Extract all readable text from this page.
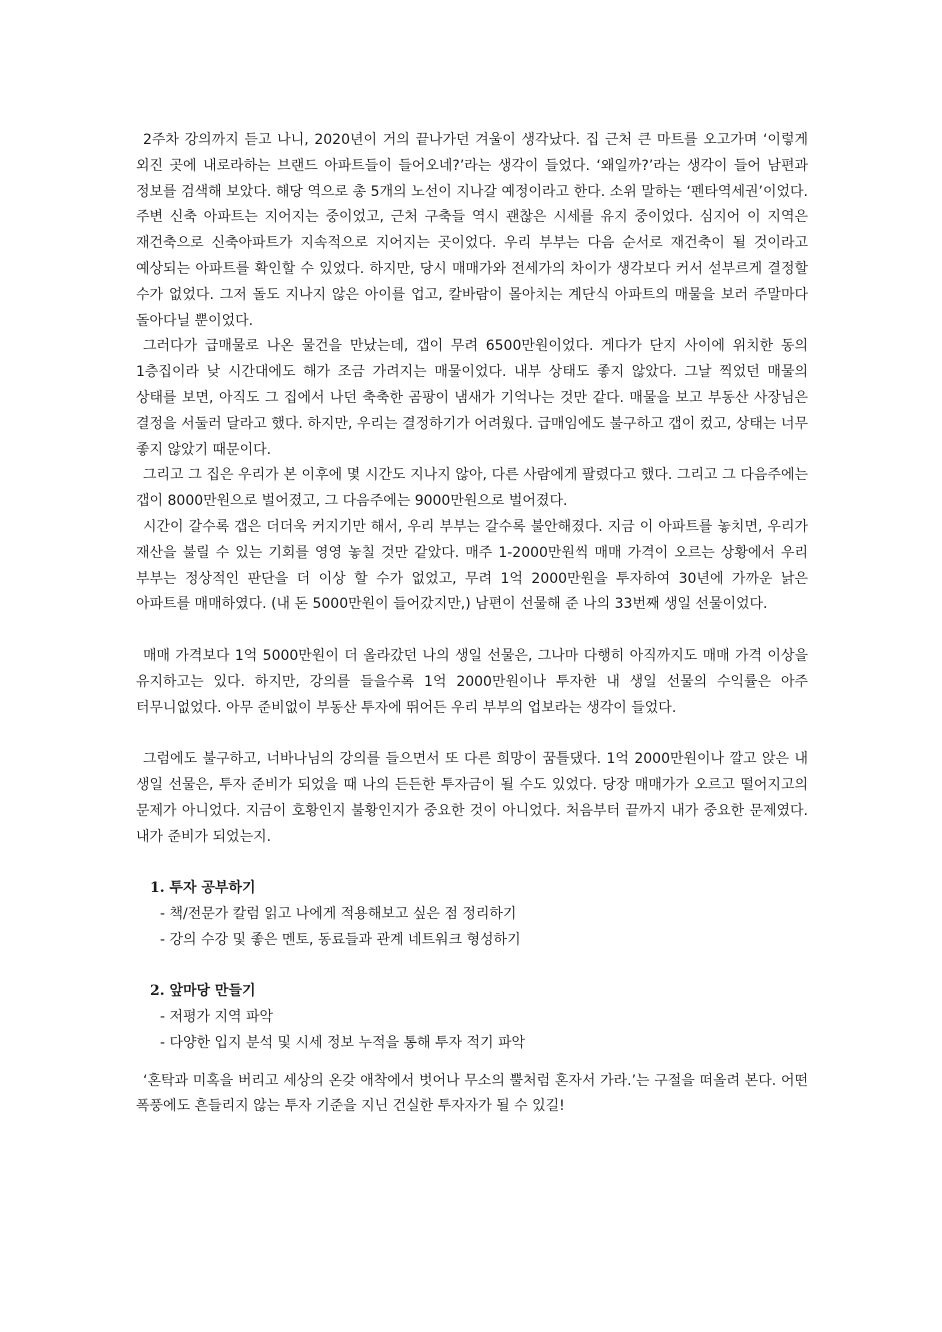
2주차 강의까지 듣고 나니, 2020년이 거의 끝나가던 겨울이 생각났다. 집 근처 큰 마트를 오고가며 ‘이렇게 외진 곳에 내로라하는 브랜드 아파트들이 들어오네?’라는 생각이 들었다. ‘왜일까?’라는 생각이 들어 남편과 정보를 검색해 보았다. 해당 역으로 총 5개의 노선이 지나갈 예정이라고 한다. 소위 말하는 ‘펜타역세권’이었다. 주변 신축 아파트는 지어지는 중이었고, 근처 구축들 역시 괜찮은 시세를 유지 중이었다. 심지어 이 지역은 재건축으로 신축아파트가 지속적으로 지어지는 곳이었다. 우리 부부는 다음 순서로 재건축이 될 것이라고 예상되는 아파트를 확인할 수 있었다. 하지만, 당시 매매가와 전세가의 차이가 생각보다 커서 섣부르게 결정할 수가 없었다. 그저 돌도 지나지 않은 아이를 업고, 칼바람이 몰아치는 계단식 아파트의 매물을 보러 주말마다 돌아다닐 뿐이었다.

그러다가 급매물로 나온 물건을 만났는데, 갭이 무려 6500만원이었다. 게다가 단지 사이에 위치한 동의 1층집이라 낮 시간대에도 해가 조금 가려지는 매물이었다. 내부 상태도 좋지 않았다. 그날 찍었던 매물의 상태를 보면, 아직도 그 집에서 나던 축축한 곰팡이 냄새가 기억나는 것만 같다. 매물을 보고 부동산 사장님은 결정을 서둘러 달라고 했다. 하지만, 우리는 결정하기가 어려웠다. 급매임에도 불구하고 갭이 컸고, 상태는 너무 좋지 않았기 때문이다.

그리고 그 집은 우리가 본 이후에 몇 시간도 지나지 않아, 다른 사람에게 팔렸다고 했다. 그리고 그 다음주에는 갭이 8000만원으로 벌어졌고, 그 다음주에는 9000만원으로 벌어졌다.

시간이 갈수록 갭은 더더욱 커지기만 해서, 우리 부부는 갈수록 불안해졌다. 지금 이 아파트를 놓치면, 우리가 재산을 불릴 수 있는 기회를 영영 놓칠 것만 같았다. 매주 1-2000만원씩 매매 가격이 오르는 상황에서 우리 부부는 정상적인 판단을 더 이상 할 수가 없었고, 무려 1억 2000만원을 투자하여 30년에 가까운 낡은 아파트를 매매하였다. (내 돈 5000만원이 들어갔지만,) 남편이 선물해 준 나의 33번째 생일 선물이었다.

매매 가격보다 1억 5000만원이 더 올라갔던 나의 생일 선물은, 그나마 다행히 아직까지도 매매 가격 이상을 유지하고는 있다. 하지만, 강의를 들을수록 1억 2000만원이나 투자한 내 생일 선물의 수익률은 아주 터무니없었다. 아무 준비없이 부동산 투자에 뛰어든 우리 부부의 업보라는 생각이 들었다.

그럼에도 불구하고, 너바나님의 강의를 들으면서 또 다른 희망이 꿈틀댔다. 1억 2000만원이나 깔고 앉은 내 생일 선물은, 투자 준비가 되었을 때 나의 든든한 투자금이 될 수도 있었다. 당장 매매가가 오르고 떨어지고의 문제가 아니었다. 지금이 호황인지 불황인지가 중요한 것이 아니었다. 처음부터 끝까지 내가 중요한 문제였다. 내가 준비가 되었는지.

1. 투자 공부하기

- 책/전문가 칼럼 읽고 나에게 적용해보고 싶은 점 정리하기

- 강의 수강 및 좋은 멘토, 동료들과 관계 네트워크 형성하기

2. 앞마당 만들기

- 저평가 지역 파악

- 다양한 입지 분석 및 시세 정보 누적을 통해 투자 적기 파악

‘혼탁과 미혹을 버리고 세상의 온갖 애착에서 벗어나 무소의 뿔처럼 혼자서 가라.’는 구절을 떠올려 본다. 어떤 폭풍에도 흔들리지 않는 투자 기준을 지닌 건실한 투자자가 될 수 있길!
